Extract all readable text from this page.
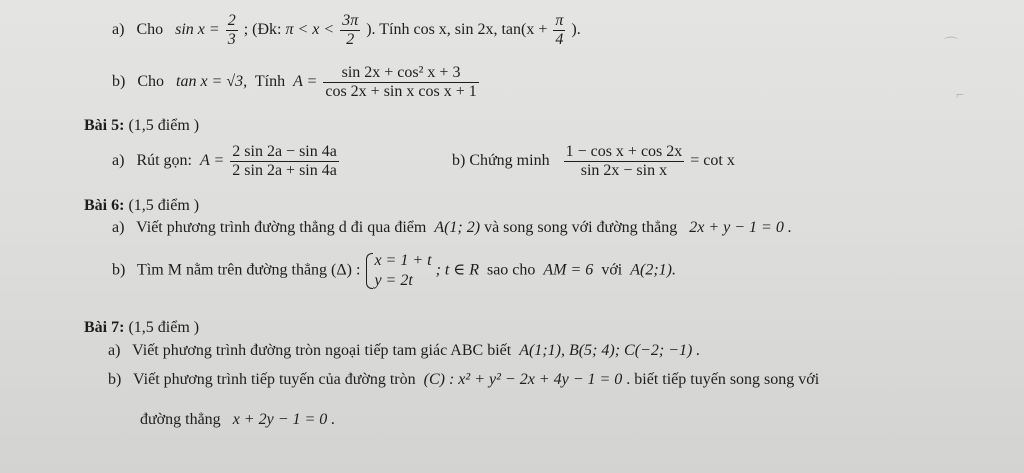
a) Cho $\sin x = \frac{2}{3}$ ; (Đk: $\pi < x < \frac{3\pi}{2}$ ). Tính cos x, sin 2x, $\tan(x + \frac{\pi}{4}$ ).
b) Cho tan x = √3, Tính $A = \frac{\text{sin 2x + cos² x + 3}}{\text{cos 2x + sin x cos x + 1}}$
Bài 5: (1,5 điểm )
a) Rút gọn: $A = \frac{2 \sin 2a - \sin 4a}{2 \sin 2a + \sin 4a}$	b) Chứng minh $\frac{\text{1 − cos x + cos 2x}}{\text{sin 2x − sin x}} = \cot x$
Bài 6: (1,5 điểm )
a) Viết phương trình đường thẳng d đi qua điểm A(1; 2) và song song với đường thẳng 2x + y − 1 = 0 .
b) Tìm M nằm trên đường thẳng (Δ) :
x = 1 + t
y = 2t
; t ∈ R sao cho AM = 6 với A(2;1).
Bài 7: (1,5 điểm )
a) Viết phương trình đường tròn ngoại tiếp tam giác ABC biết A(1;1), B(5; 4); C(−2; −1) .
b) Viết phương trình tiếp tuyến của đường tròn (C) : x² + y² − 2x + 4y − 1 = 0 . biết tiếp tuyến song song với
đường thẳng x + 2y − 1 = 0 .
⌒
⌐
